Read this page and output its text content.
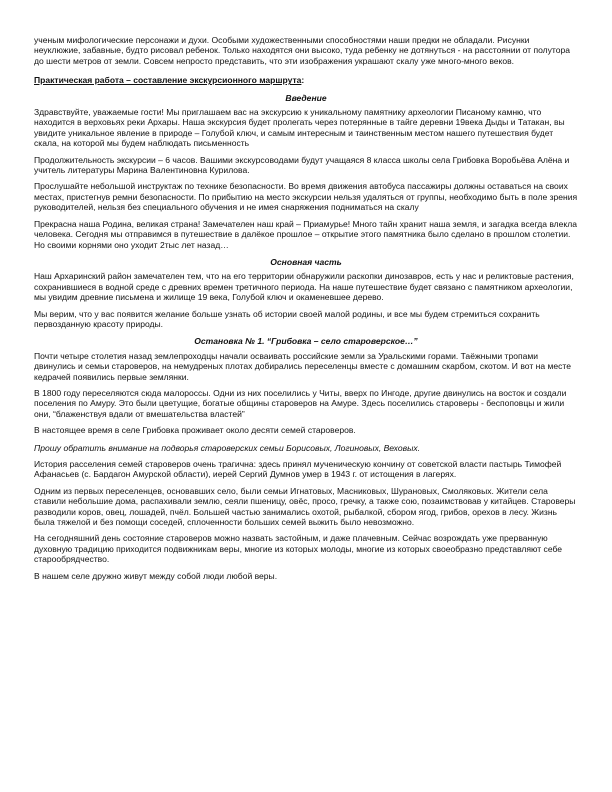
ученым мифологические персонажи и духи. Особыми художественными способностями наши предки не обладали. Рисунки неуклюжие, забавные, будто рисовал ребенок. Только находятся они высоко, туда ребенку не дотянуться - на расстоянии от полутора до шести метров от земли. Совсем непросто представить, что эти изображения украшают скалу уже много-много веков.

Практическая работа – составление экскурсионного маршрута:

Введение

Здравствуйте, уважаемые гости! Мы приглашаем вас на экскурсию к уникальному памятнику археологии Писаному камню, что находится в верховьях реки Архары. Наша экскурсия будет пролегать через потерянные в тайге деревни 19века Дыды и Татакан, вы увидите уникальное явление в природе – Голубой ключ, и самым интересным и таинственным местом нашего путешествия будет скала, на которой мы будем наблюдать письменность

Продолжительность экскурсии – 6 часов. Вашими экскурсоводами будут учащаяся 8 класса школы села Грибовка Воробьёва Алёна и учитель литературы Марина Валентиновна Курилова.

Прослушайте небольшой инструктаж по технике безопасности. Во время движения автобуса пассажиры должны оставаться на своих местах, пристегнув ремни безопасности. По прибытию на место экскурсии нельзя удаляться от группы, необходимо быть в поле зрения руководителей, нельзя без специального обучения и не имея снаряжения подниматься на скалу

Прекрасна наша Родина, великая страна! Замечателен наш край – Приамурье! Много тайн хранит наша земля, и загадка всегда влекла человека. Сегодня мы отправимся в путешествие в далёкое прошлое – открытие этого памятника было сделано в прошлом столетии. Но своими корнями оно уходит 2тыс лет назад…

Основная часть

Наш Архаринский район замечателен тем, что на его территории обнаружили раскопки динозавров, есть у нас и реликтовые растения, сохранившиеся в водной среде с древних времен третичного периода. На наше путешествие будет связано с памятником археологии, мы увидим древние письмена и жилище 19 века, Голубой ключ и окаменевшее дерево.

Мы верим, что у вас появится желание больше узнать об истории своей малой родины, и все мы будем стремиться сохранить первозданную красоту природы.

Остановка № 1. “Грибовка – село староверское…”

Почти четыре столетия назад землепроходцы начали осваивать российские земли за Уральскими горами. Таёжными тропами двинулись и семьи староверов, на немудреных плотах добирались переселенцы вместе с домашним скарбом, скотом. И вот на месте кедрачей появились первые землянки.

В 1800 году переселяются сюда малороссы. Одни из них поселились у Читы, вверх по Ингоде, другие двинулись на восток и создали поселения по Амуру. Это были цветущие, богатые общины староверов на Амуре. Здесь поселились староверы - беспоповцы и жили они, “блаженствуя вдали от вмешательства властей”

В настоящее время в селе Грибовка проживает около десяти семей староверов.

Прошу обратить внимание на подворья староверских семьи Борисовых, Логиновых, Веховых.

История расселения семей староверов очень трагична: здесь принял мученическую кончину от советской власти пастырь Тимофей Афанасьев (с. Бардагон Амурской области), иерей Сергий Думнов умер в 1943 г. от истощения в лагерях.

Одним из первых переселенцев, основавших село, были семьи Игнатовых, Масниковых, Шурановых, Смоляковых. Жители села ставили небольшие дома, распахивали землю, сеяли пшеницу, овёс, просо, гречку, а также сою, позаимствовав у китайцев. Староверы разводили коров, овец, лошадей, пчёл. Большей частью занимались охотой, рыбалкой, сбором ягод, грибов, орехов в лесу. Жизнь была тяжелой и без помощи соседей, сплоченности больших семей выжить было невозможно.

На сегодняшний день состояние староверов можно назвать застойным, и даже плачевным. Сейчас возрождать уже прерванную духовную традицию приходится подвижникам веры, многие из которых молоды, многие из которых своеобразно представляют себе старообрядчество.

В нашем селе дружно живут между собой люди любой веры.
